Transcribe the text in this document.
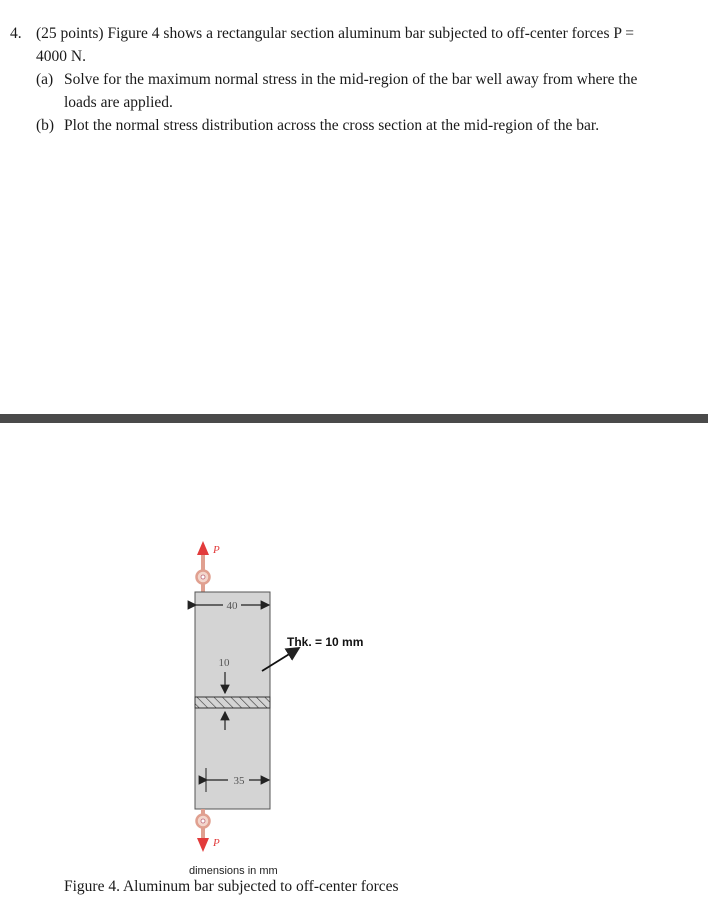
4. (25 points) Figure 4 shows a rectangular section aluminum bar subjected to off-center forces P =
4000 N.
(a) Solve for the maximum normal stress in the mid-region of the bar well away from where the
loads are applied.
(b) Plot the normal stress distribution across the cross section at the mid-region of the bar.
P
40
10
35
P
Thk. = 10 mm
dimensions in mm
Figure 4. Aluminum bar subjected to off-center forces
